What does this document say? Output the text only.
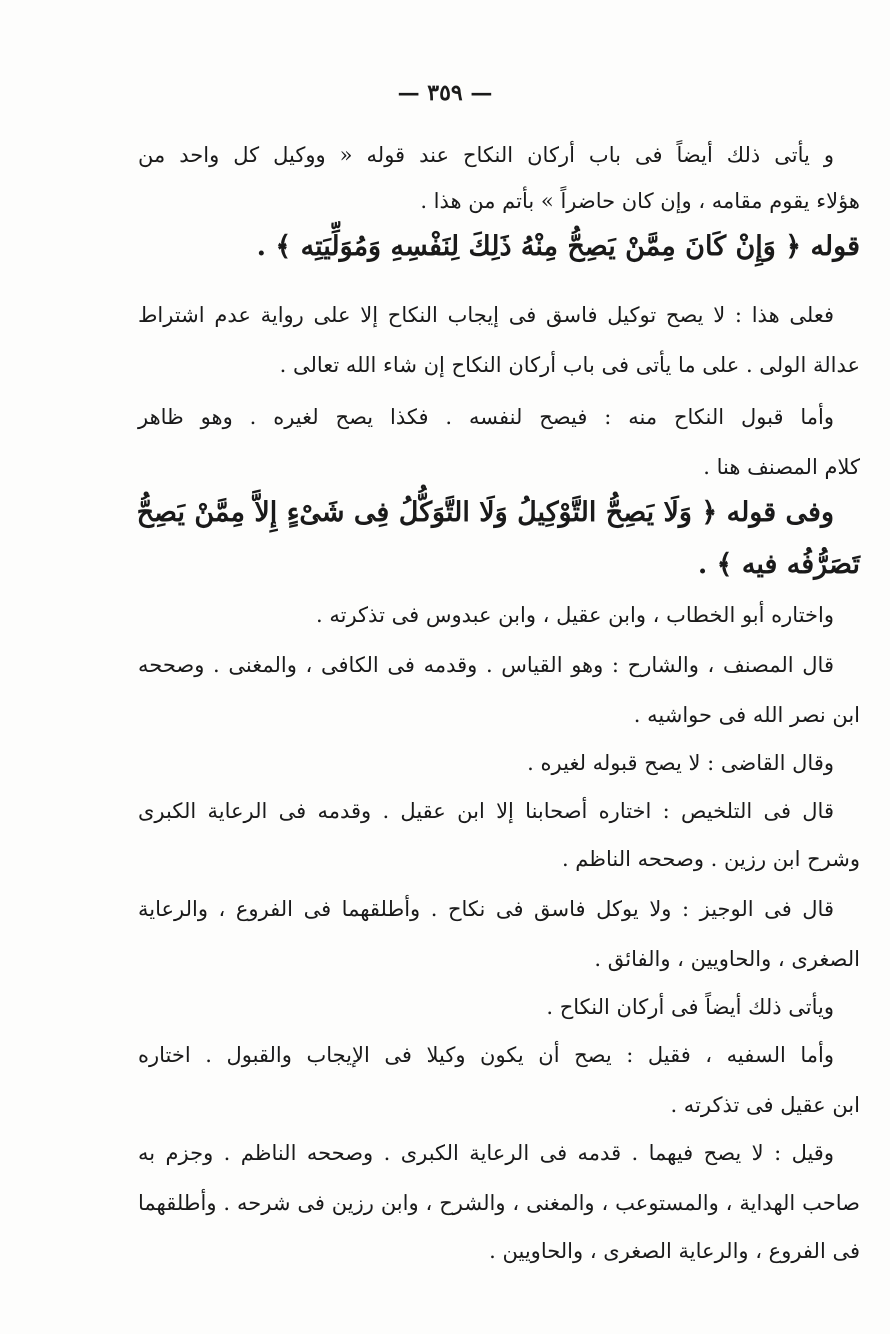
— ٣٥٩ —
و يأتى ذلك أيضاً فى باب أركان النكاح عند قوله « ووكيل كل واحد من
هؤلاء يقوم مقامه ، وإن كان حاضراً » بأتم من هذا .
قوله ﴿ وَإِنْ كَانَ مِمَّنْ يَصِحُّ مِنْهُ ذَلِكَ لِنَفْسِهِ وَمُوَلِّيَتِه ﴾ .
فعلى هذا : لا يصح توكيل فاسق فى إيجاب النكاح إلا على رواية عدم اشتراط
عدالة الولى . على ما يأتى فى باب أركان النكاح إن شاء الله تعالى .
وأما قبول النكاح منه : فيصح لنفسه . فكذا يصح لغيره . وهو ظاهر
كلام المصنف هنا .
وفى قوله ﴿ وَلَا يَصِحُّ التَّوْكِيلُ وَلَا التَّوَكُّلُ فِى شَىْءٍ إِلاَّ مِمَّنْ يَصِحُّ
تَصَرُّفُه فيه ﴾ .
واختاره أبو الخطاب ، وابن عقيل ، وابن عبدوس فى تذكرته .
قال المصنف ، والشارح : وهو القياس . وقدمه فى الكافى ، والمغنى . وصححه
ابن نصر الله فى حواشيه .
وقال القاضى : لا يصح قبوله لغيره .
قال فى التلخيص : اختاره أصحابنا إلا ابن عقيل . وقدمه فى الرعاية الكبرى
وشرح ابن رزين . وصححه الناظم .
قال فى الوجيز : ولا يوكل فاسق فى نكاح . وأطلقهما فى الفروع ، والرعاية
الصغرى ، والحاويين ، والفائق .
ويأتى ذلك أيضاً فى أركان النكاح .
وأما السفيه ، فقيل : يصح أن يكون وكيلا فى الإيجاب والقبول . اختاره
ابن عقيل فى تذكرته .
وقيل : لا يصح فيهما . قدمه فى الرعاية الكبرى . وصححه الناظم . وجزم به
صاحب الهداية ، والمستوعب ، والمغنى ، والشرح ، وابن رزين فى شرحه . وأطلقهما
فى الفروع ، والرعاية الصغرى ، والحاويين .
